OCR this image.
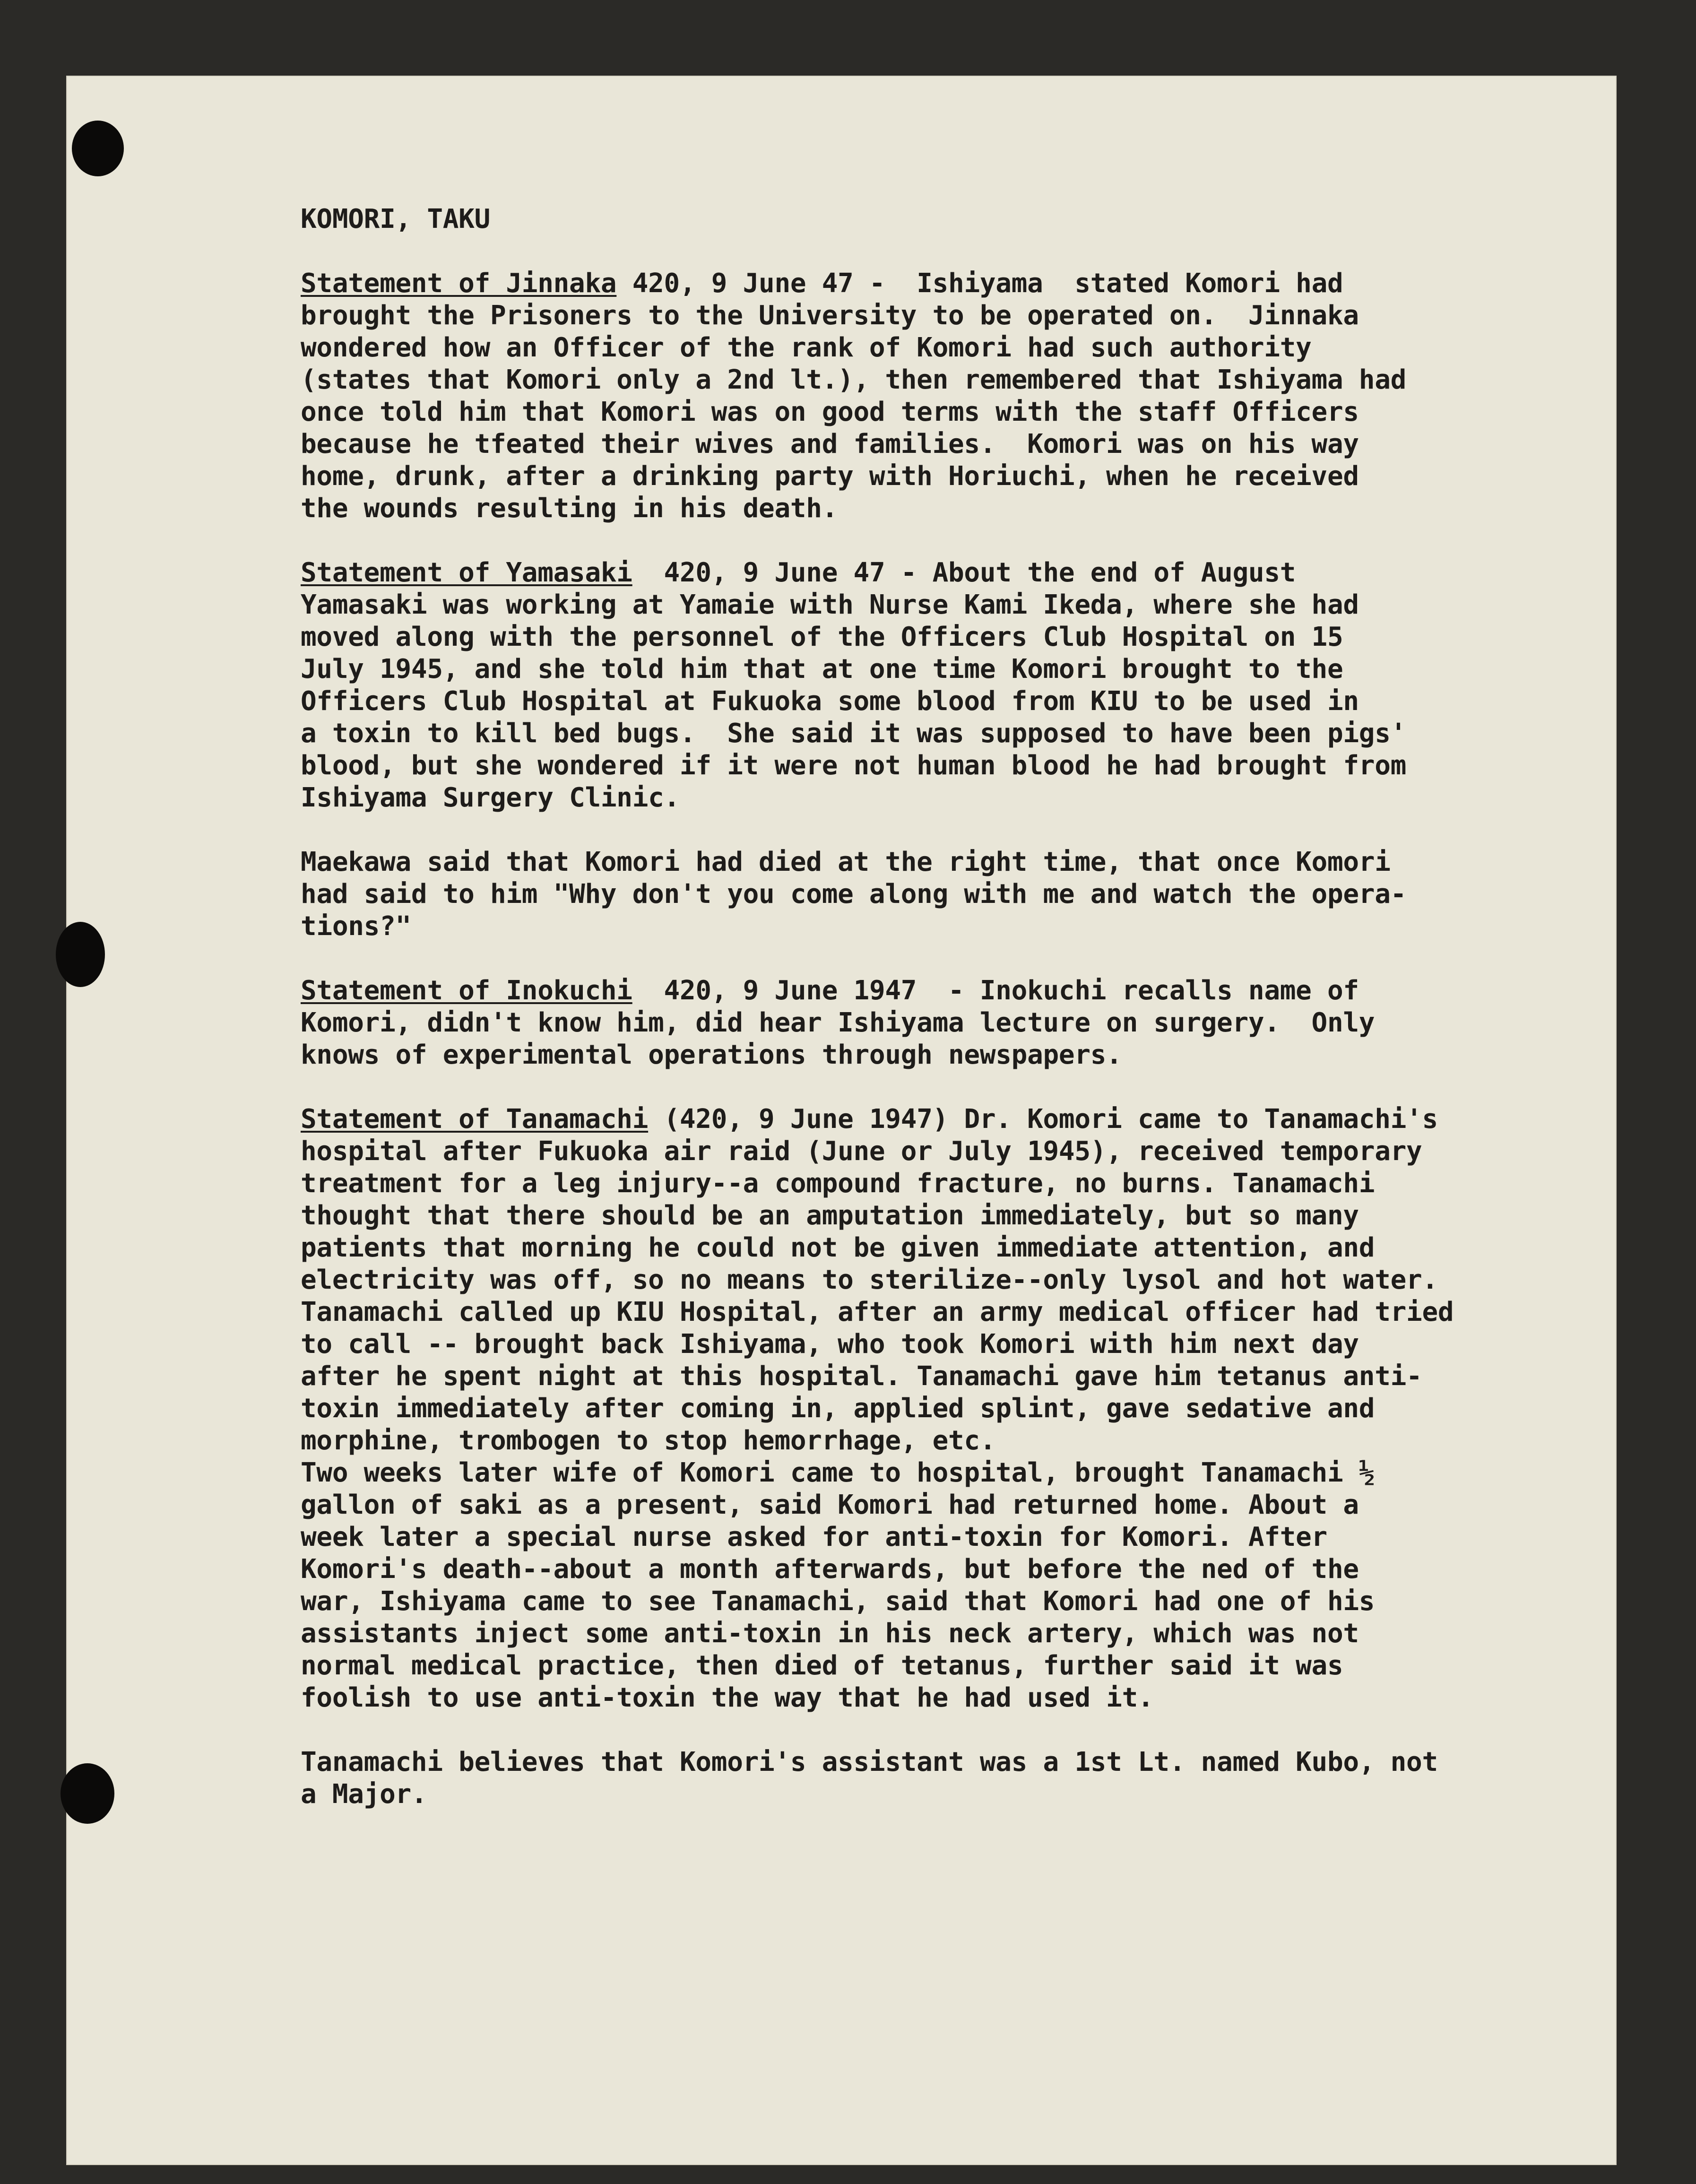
KOMORI, TAKU
Statement of Jinnaka 420, 9 June 47 -  Ishiyama  stated Komori had
brought the Prisoners to the University to be operated on.  Jinnaka
wondered how an Officer of the rank of Komori had such authority
(states that Komori only a 2nd lt.), then remembered that Ishiyama had
once told him that Komori was on good terms with the staff Officers
because he tfeated their wives and families.  Komori was on his way
home, drunk, after a drinking party with Horiuchi, when he received
the wounds resulting in his death.
Statement of Yamasaki  420, 9 June 47 - About the end of August
Yamasaki was working at Yamaie with Nurse Kami Ikeda, where she had
moved along with the personnel of the Officers Club Hospital on 15
July 1945, and she told him that at one time Komori brought to the
Officers Club Hospital at Fukuoka some blood from KIU to be used in
a toxin to kill bed bugs.  She said it was supposed to have been pigs'
blood, but she wondered if it were not human blood he had brought from
Ishiyama Surgery Clinic.
Maekawa said that Komori had died at the right time, that once Komori
had said to him "Why don't you come along with me and watch the opera-
tions?"
Statement of Inokuchi  420, 9 June 1947  - Inokuchi recalls name of
Komori, didn't know him, did hear Ishiyama lecture on surgery.  Only
knows of experimental operations through newspapers.
Statement of Tanamachi (420, 9 June 1947) Dr. Komori came to Tanamachi's
hospital after Fukuoka air raid (June or July 1945), received temporary
treatment for a leg injury--a compound fracture, no burns. Tanamachi
thought that there should be an amputation immediately, but so many
patients that morning he could not be given immediate attention, and
electricity was off, so no means to sterilize--only lysol and hot water.
Tanamachi called up KIU Hospital, after an army medical officer had tried
to call -- brought back Ishiyama, who took Komori with him next day
after he spent night at this hospital. Tanamachi gave him tetanus anti-
toxin immediately after coming in, applied splint, gave sedative and
morphine, trombogen to stop hemorrhage, etc.
Two weeks later wife of Komori came to hospital, brought Tanamachi ½
gallon of saki as a present, said Komori had returned home. About a
week later a special nurse asked for anti-toxin for Komori. After
Komori's death--about a month afterwards, but before the ned of the
war, Ishiyama came to see Tanamachi, said that Komori had one of his
assistants inject some anti-toxin in his neck artery, which was not
normal medical practice, then died of tetanus, further said it was
foolish to use anti-toxin the way that he had used it.
Tanamachi believes that Komori's assistant was a 1st Lt. named Kubo, not
a Major.
